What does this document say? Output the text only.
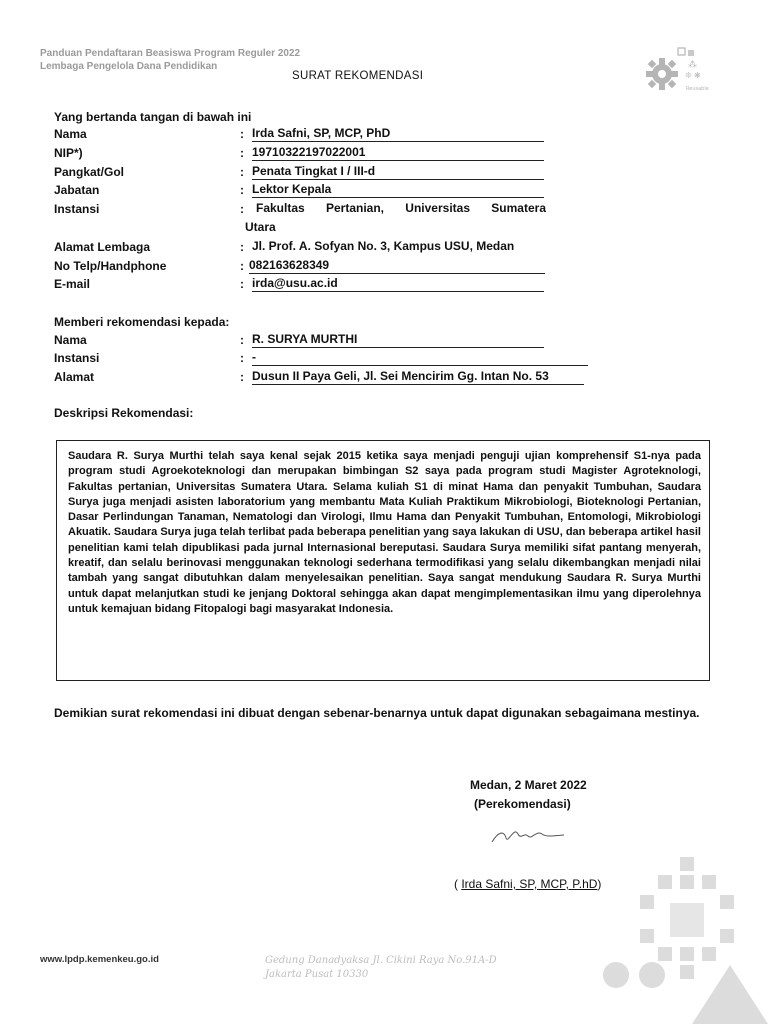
Panduan Pendaftaran Beasiswa Program Reguler 2022
Lembaga Pengelola Dana Pendidikan	⁂
❊ ❋
Reusable
SURAT REKOMENDASI
Yang bertanda tangan di bawah ini
Nama	: Irda Safni, SP, MCP, PhD
NIP*)	: 19710322197022001
Pangkat/Gol	: Penata Tingkat I / III-d
Jabatan	: Lektor Kepala
Instansi	: Fakultas Pertanian, Universitas Sumatera
Utara
Alamat Lembaga	: Jl. Prof. A. Sofyan No. 3, Kampus USU, Medan
No Telp/Handphone	: 082163628349
E-mail	: irda@usu.ac.id
Memberi rekomendasi kepada:
Nama	: R. SURYA MURTHI
Instansi	: -
Alamat	: Dusun II Paya Geli, Jl. Sei Mencirim Gg. Intan No. 53
Deskripsi Rekomendasi:
Saudara R. Surya Murthi telah saya kenal sejak 2015 ketika saya menjadi penguji ujian komprehensif S1-nya pada program studi Agroekoteknologi dan merupakan bimbingan S2 saya pada program studi Magister Agroteknologi, Fakultas pertanian, Universitas Sumatera Utara. Selama kuliah S1 di minat Hama dan penyakit Tumbuhan, Saudara Surya juga menjadi asisten laboratorium yang membantu Mata Kuliah Praktikum Mikrobiologi, Bioteknologi Pertanian, Dasar Perlindungan Tanaman, Nematologi dan Virologi, Ilmu Hama dan Penyakit Tumbuhan, Entomologi, Mikrobiologi Akuatik. Saudara Surya juga telah terlibat pada beberapa penelitian yang saya lakukan di USU, dan beberapa artikel hasil penelitian kami telah dipublikasi pada jurnal Internasional bereputasi. Saudara Surya memiliki sifat pantang menyerah, kreatif, dan selalu berinovasi menggunakan teknologi sederhana termodifikasi yang selalu dikembangkan menjadi nilai tambah yang sangat dibutuhkan dalam menyelesaikan penelitian. Saya sangat mendukung Saudara R. Surya Murthi untuk dapat melanjutkan studi ke jenjang Doktoral sehingga akan dapat mengimplementasikan ilmu yang diperolehnya untuk kemajuan bidang Fitopalogi bagi masyarakat Indonesia.
Demikian surat rekomendasi ini dibuat dengan sebenar-benarnya untuk dapat digunakan sebagaimana mestinya.
Medan, 2 Maret 2022
(Perekomendasi)
( Irda Safni, SP, MCP, P.hD)
www.lpdp.kemenkeu.go.id	Gedung Danadyaksa Jl. Cikini Raya No.91A-D
Jakarta Pusat 10330
